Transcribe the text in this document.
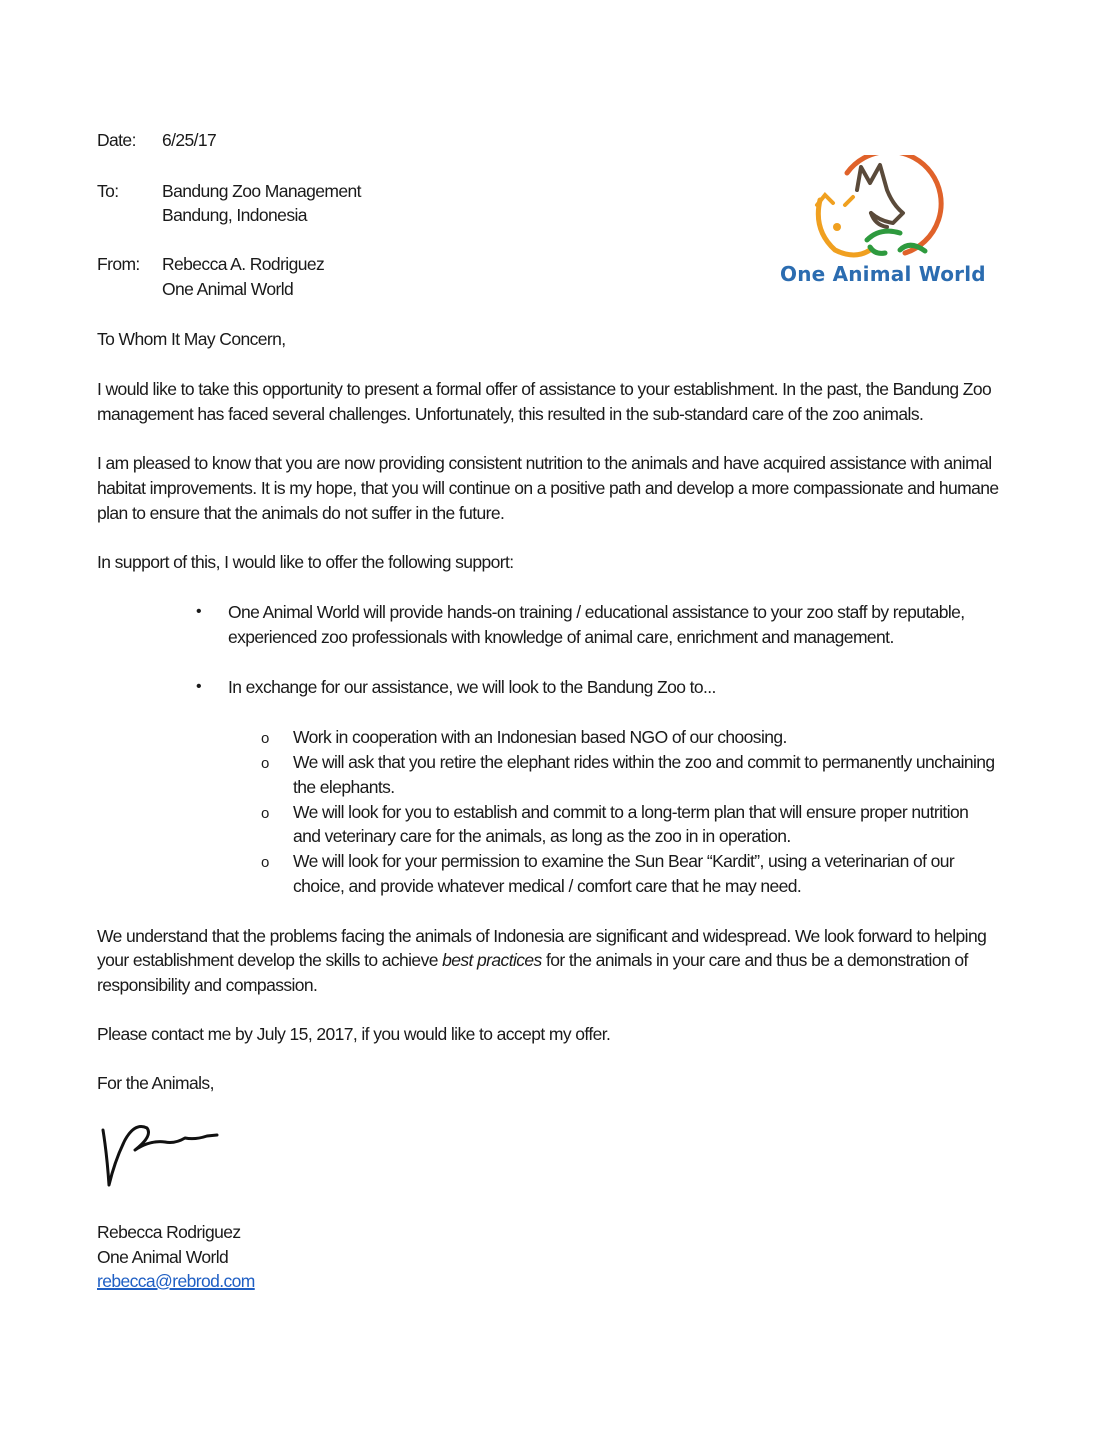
Date: 6/25/17
To: Bandung Zoo Management
Bandung, Indonesia
From: Rebecca A. Rodriguez
One Animal World
One Animal World
To Whom It May Concern,
I would like to take this opportunity to present a formal offer of assistance to your establishment. In the past, the Bandung Zoo
management has faced several challenges. Unfortunately, this resulted in the sub-standard care of the zoo animals.
I am pleased to know that you are now providing consistent nutrition to the animals and have acquired assistance with animal
habitat improvements. It is my hope, that you will continue on a positive path and develop a more compassionate and humane
plan to ensure that the animals do not suffer in the future.
In support of this, I would like to offer the following support:
• One Animal World will provide hands-on training / educational assistance to your zoo staff by reputable,
experienced zoo professionals with knowledge of animal care, enrichment and management.
• In exchange for our assistance, we will look to the Bandung Zoo to...
o Work in cooperation with an Indonesian based NGO of our choosing.
o We will ask that you retire the elephant rides within the zoo and commit to permanently unchaining
the elephants.
o We will look for you to establish and commit to a long-term plan that will ensure proper nutrition
and veterinary care for the animals, as long as the zoo in in operation.
o We will look for your permission to examine the Sun Bear “Kardit”, using a veterinarian of our
choice, and provide whatever medical / comfort care that he may need.
We understand that the problems facing the animals of Indonesia are significant and widespread. We look forward to helping
your establishment develop the skills to achieve best practices for the animals in your care and thus be a demonstration of
responsibility and compassion.
Please contact me by July 15, 2017, if you would like to accept my offer.
For the Animals,
Rebecca Rodriguez
One Animal World
rebecca@rebrod.com
